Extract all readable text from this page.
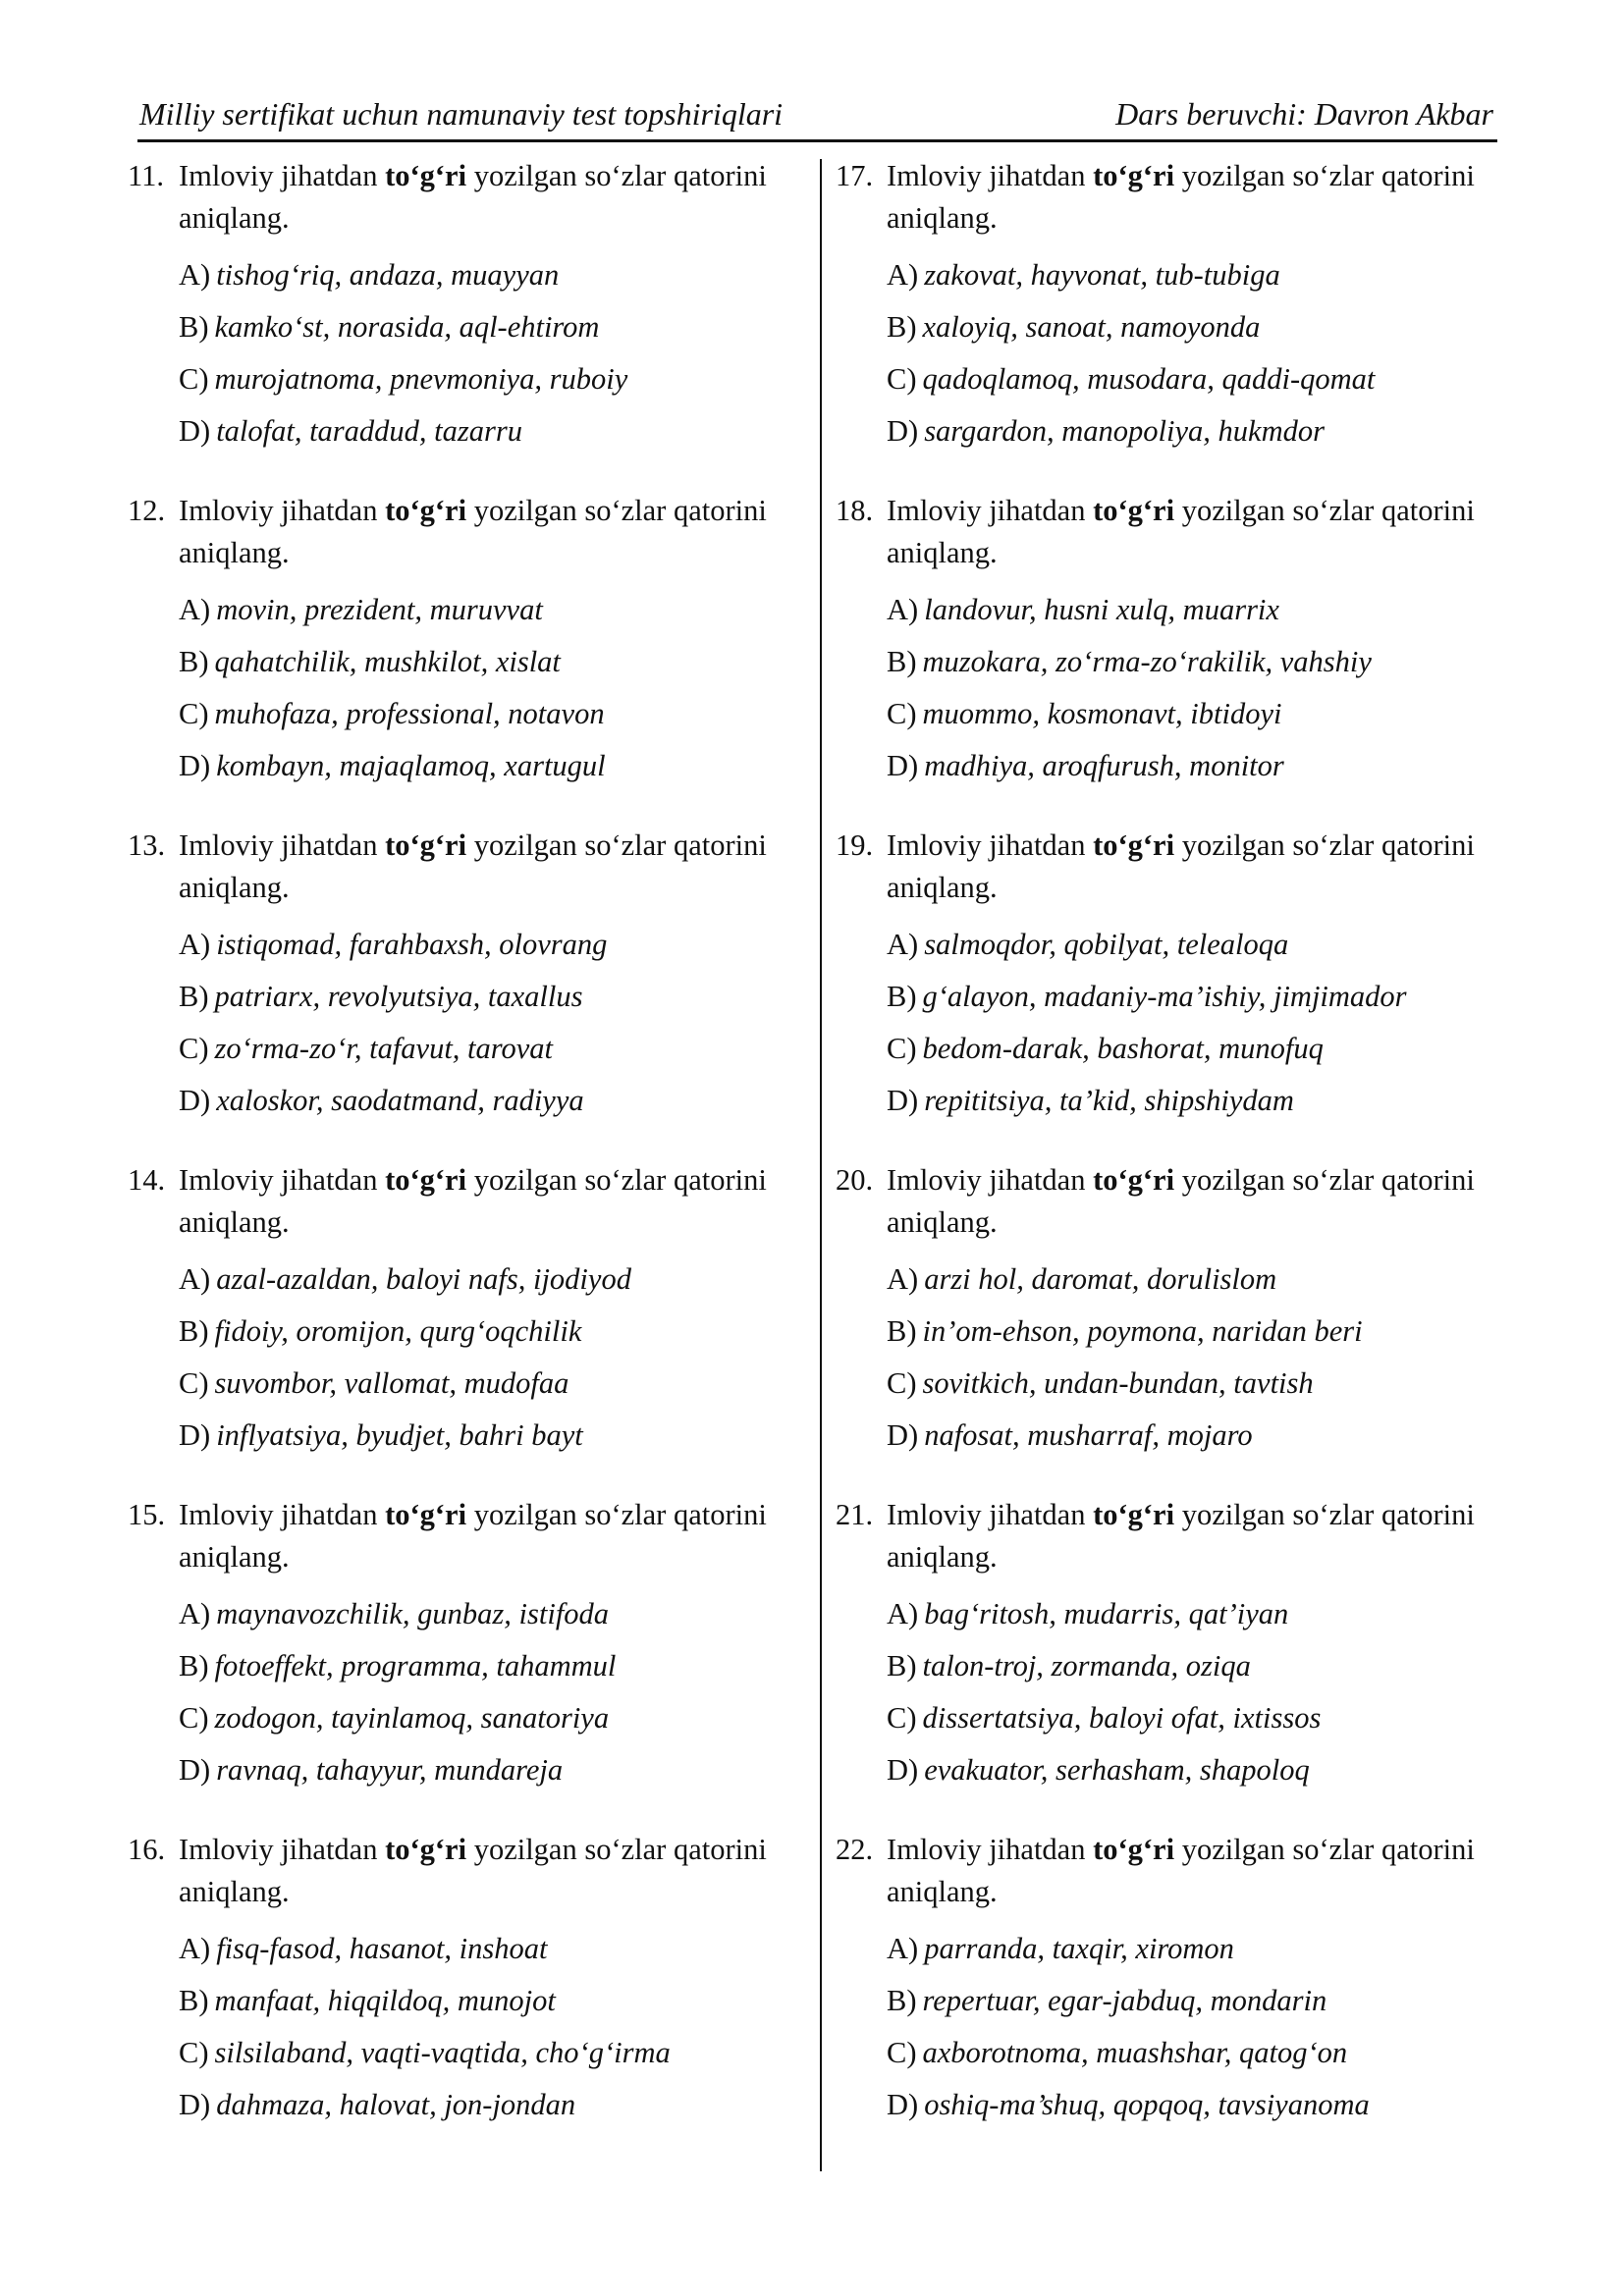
Milliy sertifikat uchun namunaviy test topshiriqlari	Dars beruvchi: Davron Akbar
11. Imloviy jihatdan to‘g‘ri yozilgan so‘zlar qatorini aniqlang.
A) tishog‘riq, andaza, muayyan
B) kamko‘st, norasida, aql-ehtirom
C) murojatnoma, pnevmoniya, ruboiy
D) talofat, taraddud, tazarru
12. Imloviy jihatdan to‘g‘ri yozilgan so‘zlar qatorini aniqlang.
A) movin, prezident, muruvvat
B) qahatchilik, mushkilot, xislat
C) muhofaza, professional, notavon
D) kombayn, majaqlamoq, xartugul
13. Imloviy jihatdan to‘g‘ri yozilgan so‘zlar qatorini aniqlang.
A) istiqomad, farahbaxsh, olovrang
B) patriarx, revolyutsiya, taxallus
C) zo‘rma-zo‘r, tafavut, tarovat
D) xaloskor, saodatmand, radiyya
14. Imloviy jihatdan to‘g‘ri yozilgan so‘zlar qatorini aniqlang.
A) azal-azaldan, baloyi nafs, ijodiyod
B) fidoiy, oromijon, qurg‘oqchilik
C) suvombor, vallomat, mudofaa
D) inflyatsiya, byudjet, bahri bayt
15. Imloviy jihatdan to‘g‘ri yozilgan so‘zlar qatorini aniqlang.
A) maynavozchilik, gunbaz, istifoda
B) fotoeffekt, programma, tahammul
C) zodogon, tayinlamoq, sanatoriya
D) ravnaq, tahayyur, mundareja
16. Imloviy jihatdan to‘g‘ri yozilgan so‘zlar qatorini aniqlang.
A) fisq-fasod, hasanot, inshoat
B) manfaat, hiqqildoq, munojot
C) silsilaband, vaqti-vaqtida, cho‘g‘irma
D) dahmaza, halovat, jon-jondan
17. Imloviy jihatdan to‘g‘ri yozilgan so‘zlar qatorini aniqlang.
A) zakovat, hayvonat, tub-tubiga
B) xaloyiq, sanoat, namoyonda
C) qadoqlamoq, musodara, qaddi-qomat
D) sargardon, manopoliya, hukmdor
18. Imloviy jihatdan to‘g‘ri yozilgan so‘zlar qatorini aniqlang.
A) landovur, husni xulq, muarrix
B) muzokara, zo‘rma-zo‘rakilik, vahshiy
C) muommo, kosmonavt, ibtidoyi
D) madhiya, aroqfurush, monitor
19. Imloviy jihatdan to‘g‘ri yozilgan so‘zlar qatorini aniqlang.
A) salmoqdor, qobilyat, telealoqa
B) g‘alayon, madaniy-ma’ishiy, jimjimador
C) bedom-darak, bashorat, munofuq
D) repititsiya, ta’kid, shipshiydam
20. Imloviy jihatdan to‘g‘ri yozilgan so‘zlar qatorini aniqlang.
A) arzi hol, daromat, dorulislom
B) in’om-ehson, poymona, naridan beri
C) sovitkich, undan-bundan, tavtish
D) nafosat, musharraf, mojaro
21. Imloviy jihatdan to‘g‘ri yozilgan so‘zlar qatorini aniqlang.
A) bag‘ritosh, mudarris, qat’iyan
B) talon-troj, zormanda, oziqa
C) dissertatsiya, baloyi ofat, ixtissos
D) evakuator, serhasham, shapoloq
22. Imloviy jihatdan to‘g‘ri yozilgan so‘zlar qatorini aniqlang.
A) parranda, taxqir, xiromon
B) repertuar, egar-jabduq, mondarin
C) axborotnoma, muashshar, qatog‘on
D) oshiq-ma’shuq, qopqoq, tavsiyanoma
